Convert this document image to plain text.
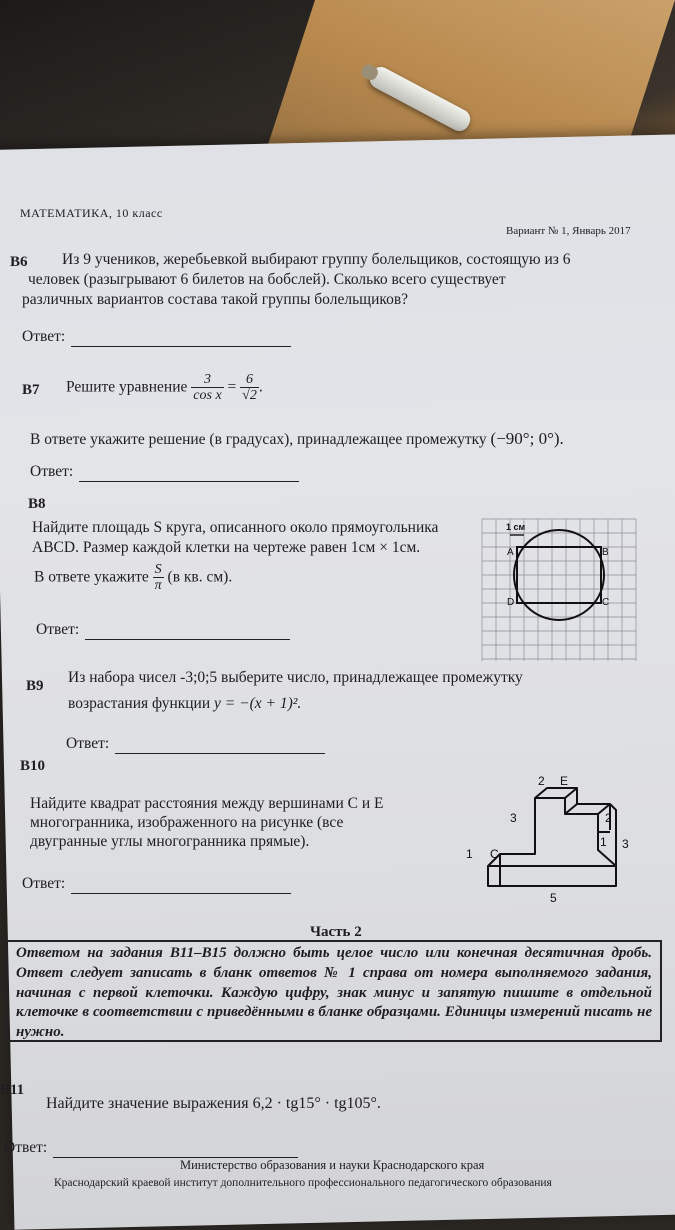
МАТЕМАТИКА, 10 класс
Вариант № 1, Январь 2017
B6 Из 9 учеников, жеребьевкой выбирают группу болельщиков, состоящую из 6
человек (разыгрывают 6 билетов на бобслей). Сколько всего существует
различных вариантов состава такой группы болельщиков?
Ответ:
B7 Решите уравнение $\frac{3}{\text{cos x}} = \frac{6}{√2}$ .
В ответе укажите решение (в градусах), принадлежащее промежутку (−90°; 0°).
Ответ:
B8
Найдите площадь S круга, описанного около прямоугольника
ABCD. Размер каждой клетки на чертеже равен 1см × 1см.
В ответе укажите $\frac{S}{\pi} (в$ кв. см).
Ответ:
1 см
A	B
C
D
B9 Из набора чисел -3;0;5 выберите число, принадлежащее промежутку
возрастания функции y = −(x + 1)².
Ответ:
B10
Найдите квадрат расстояния между вершинами C и E
многогранника, изображенного на рисунке (все
двугранные углы многогранника прямые).
Ответ:
2 E
2
3
1 3
1 C
5
Часть 2
Ответом на задания В11–В15 должно быть целое число или конечная десятичная дробь. Ответ следует записать в бланк ответов № 1 справа от номера выполняемого задания, начиная с первой клеточки. Каждую цифру, знак минус и запятую пишите в отдельной клеточке в соответствии с приведёнными в бланке образцами. Единицы измерений писать не нужно.
B11
Найдите значение выражения 6,2 · tg15° · tg105°.
Ответ:
Министерство образования и науки Краснодарского края
Краснодарский краевой институт дополнительного профессионального педагогического образования
